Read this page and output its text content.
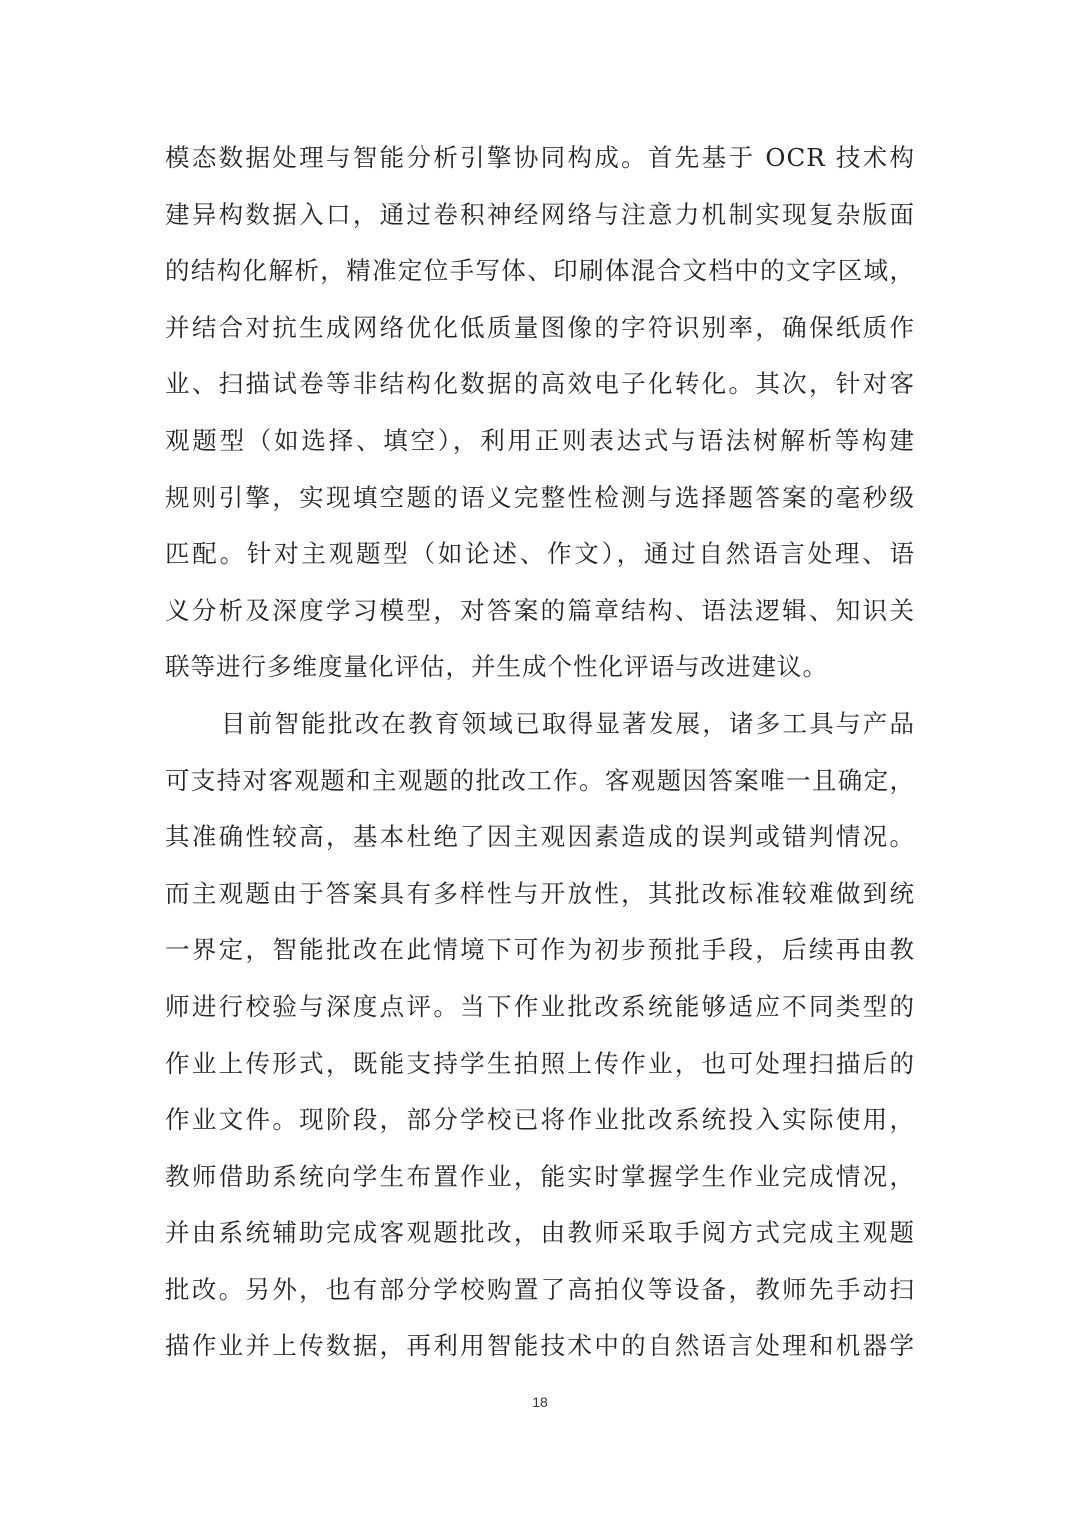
模态数据处理与智能分析引擎协同构成。首先基于 OCR 技术构
建异构数据入口，通过卷积神经网络与注意力机制实现复杂版面
的结构化解析，精准定位手写体、印刷体混合文档中的文字区域，
并结合对抗生成网络优化低质量图像的字符识别率，确保纸质作
业、扫描试卷等非结构化数据的高效电子化转化。其次，针对客
观题型（如选择、填空），利用正则表达式与语法树解析等构建
规则引擎，实现填空题的语义完整性检测与选择题答案的毫秒级
匹配。针对主观题型（如论述、作文），通过自然语言处理、语
义分析及深度学习模型，对答案的篇章结构、语法逻辑、知识关
联等进行多维度量化评估，并生成个性化评语与改进建议。
目前智能批改在教育领域已取得显著发展，诸多工具与产品
可支持对客观题和主观题的批改工作。客观题因答案唯一且确定，
其准确性较高，基本杜绝了因主观因素造成的误判或错判情况。
而主观题由于答案具有多样性与开放性，其批改标准较难做到统
一界定，智能批改在此情境下可作为初步预批手段，后续再由教
师进行校验与深度点评。当下作业批改系统能够适应不同类型的
作业上传形式，既能支持学生拍照上传作业，也可处理扫描后的
作业文件。现阶段，部分学校已将作业批改系统投入实际使用，
教师借助系统向学生布置作业，能实时掌握学生作业完成情况，
并由系统辅助完成客观题批改，由教师采取手阅方式完成主观题
批改。另外，也有部分学校购置了高拍仪等设备，教师先手动扫
描作业并上传数据，再利用智能技术中的自然语言处理和机器学
18
